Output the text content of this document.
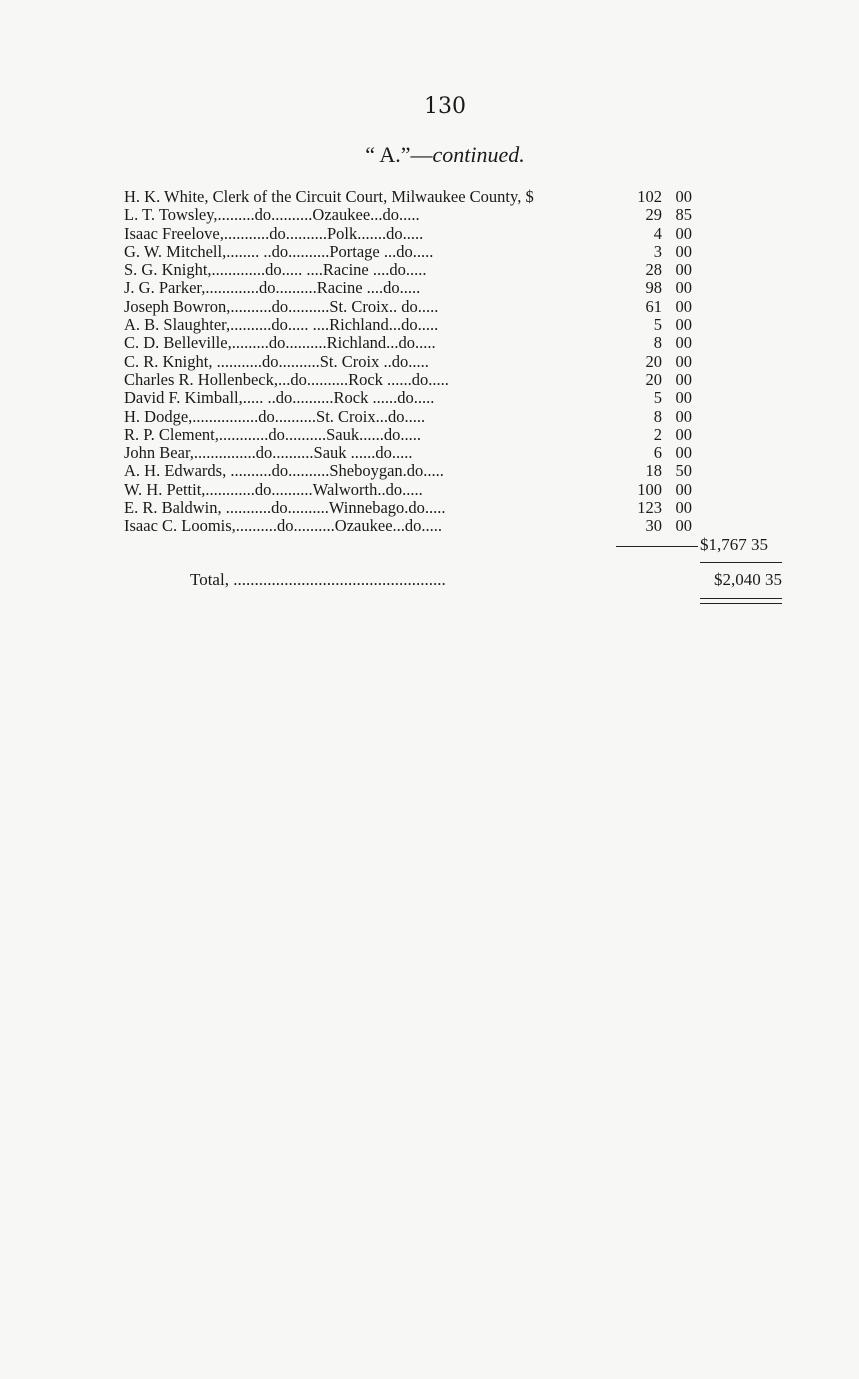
130
“ A.”—continued.
H. K. White, Clerk of the Circuit Court, Milwaukee County, $	102 00
L. T. Towsley,.........do..........Ozaukee...do.....	29 85
Isaac Freelove,...........do..........Polk.......do.....	4 00
G. W. Mitchell,........ ..do..........Portage ...do.....	3 00
S. G. Knight,.............do..... ....Racine ....do.....	28 00
J. G. Parker,.............do..........Racine ....do.....	98 00
Joseph Bowron,..........do..........St. Croix.. do.....	61 00
A. B. Slaughter,..........do..... ....Richland...do.....	5 00
C. D. Belleville,.........do..........Richland...do.....	8 00
C. R. Knight, ...........do..........St. Croix ..do.....	20 00
Charles R. Hollenbeck,...do..........Rock ......do.....	20 00
David F. Kimball,..... ..do..........Rock ......do.....	5 00
H. Dodge,................do..........St. Croix...do.....	8 00
R. P. Clement,............do..........Sauk......do.....	2 00
John Bear,...............do..........Sauk ......do.....	6 00
A. H. Edwards, ..........do..........Sheboygan.do.....	18 50
W. H. Pettit,............do..........Walworth..do.....	100 00
E. R. Baldwin, ...........do..........Winnebago.do.....	123 00
Isaac C. Loomis,..........do..........Ozaukee...do.....	30 00
$1,767 35
Total, ..................................................	$2,040 35
